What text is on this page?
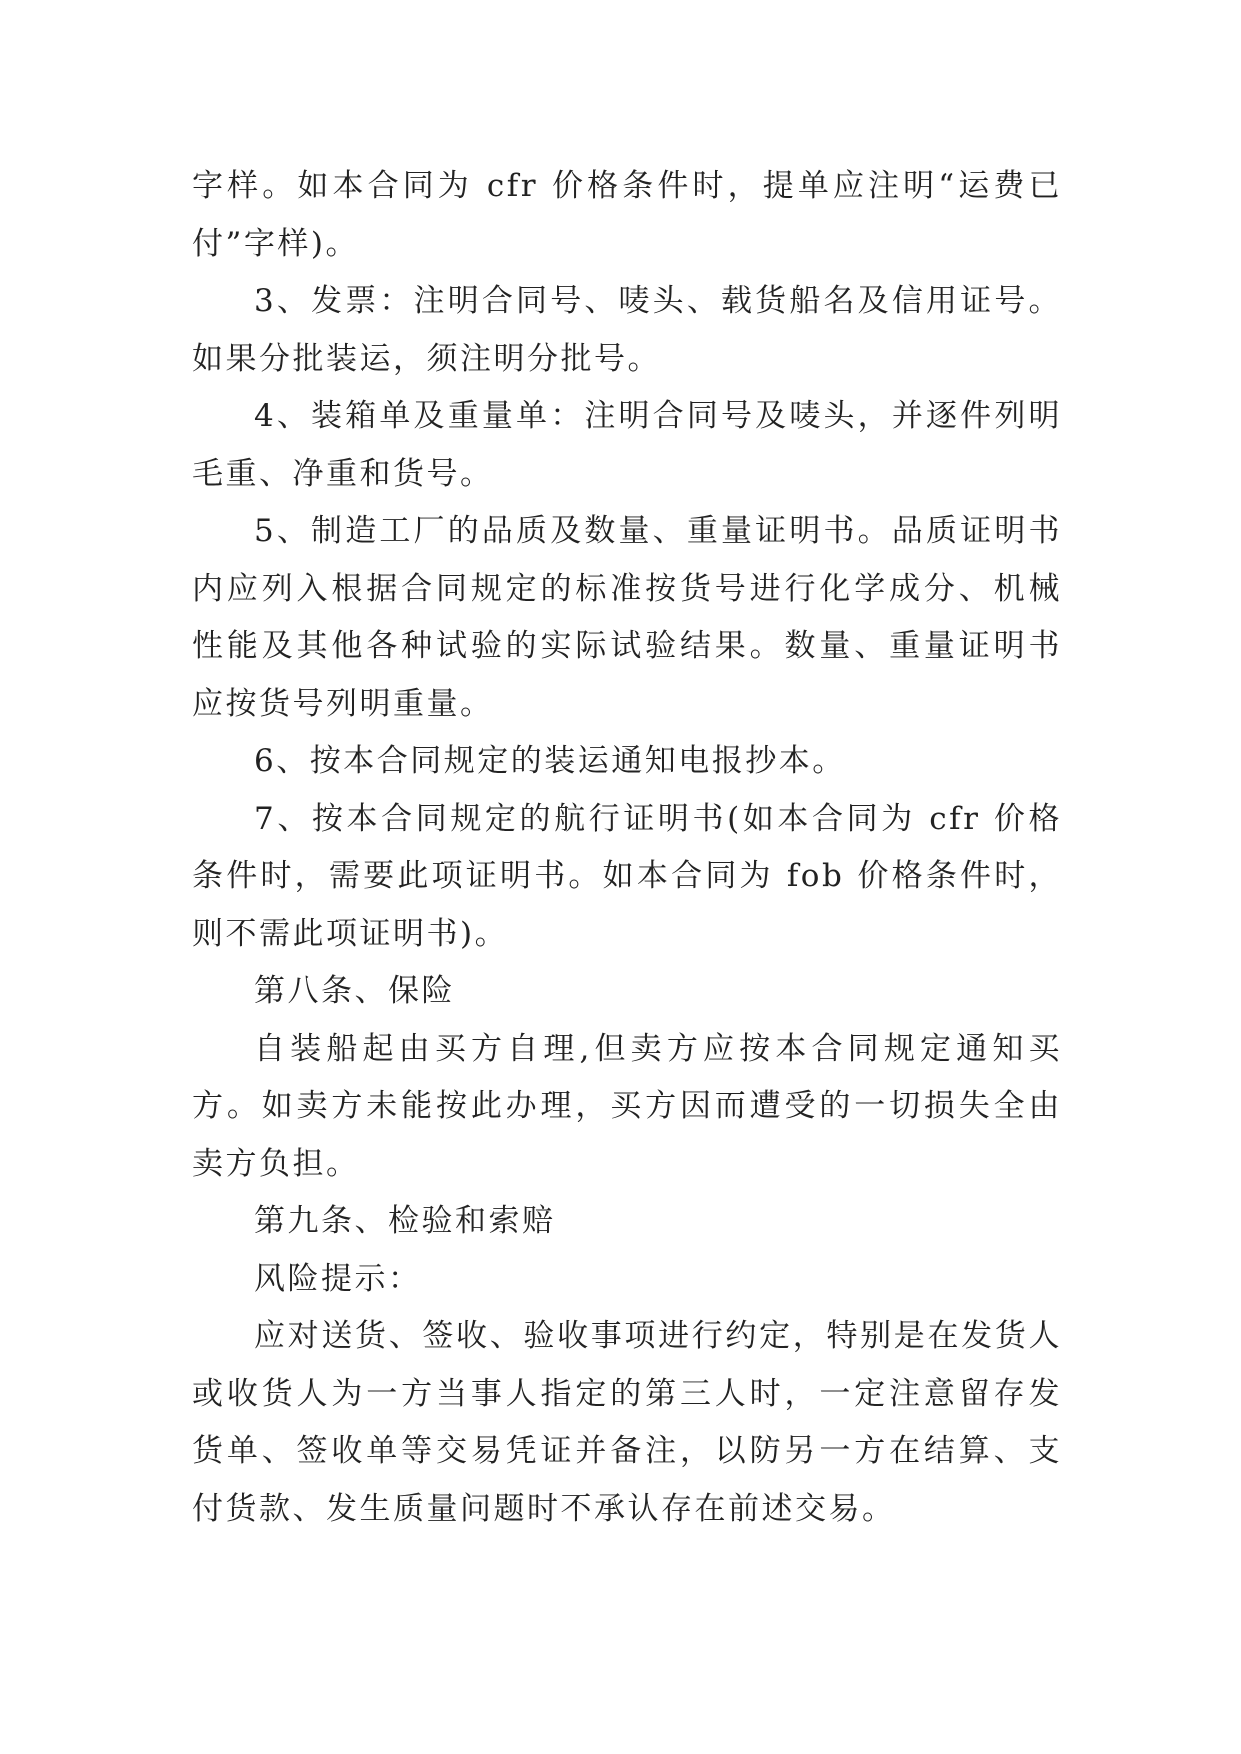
字样。如本合同为 cfr 价格条件时，提单应注明“运费已付”字样)。

3、发票：注明合同号、唛头、载货船名及信用证号。如果分批装运，须注明分批号。

4、装箱单及重量单：注明合同号及唛头，并逐件列明毛重、净重和货号。

5、制造工厂的品质及数量、重量证明书。品质证明书内应列入根据合同规定的标准按货号进行化学成分、机械性能及其他各种试验的实际试验结果。数量、重量证明书应按货号列明重量。

6、按本合同规定的装运通知电报抄本。

7、按本合同规定的航行证明书(如本合同为 cfr 价格条件时，需要此项证明书。如本合同为 fob 价格条件时，则不需此项证明书)。

第八条、保险

自装船起由买方自理,但卖方应按本合同规定通知买方。如卖方未能按此办理，买方因而遭受的一切损失全由卖方负担。

第九条、检验和索赔

风险提示：

应对送货、签收、验收事项进行约定，特别是在发货人或收货人为一方当事人指定的第三人时，一定注意留存发货单、签收单等交易凭证并备注，以防另一方在结算、支付货款、发生质量问题时不承认存在前述交易。
